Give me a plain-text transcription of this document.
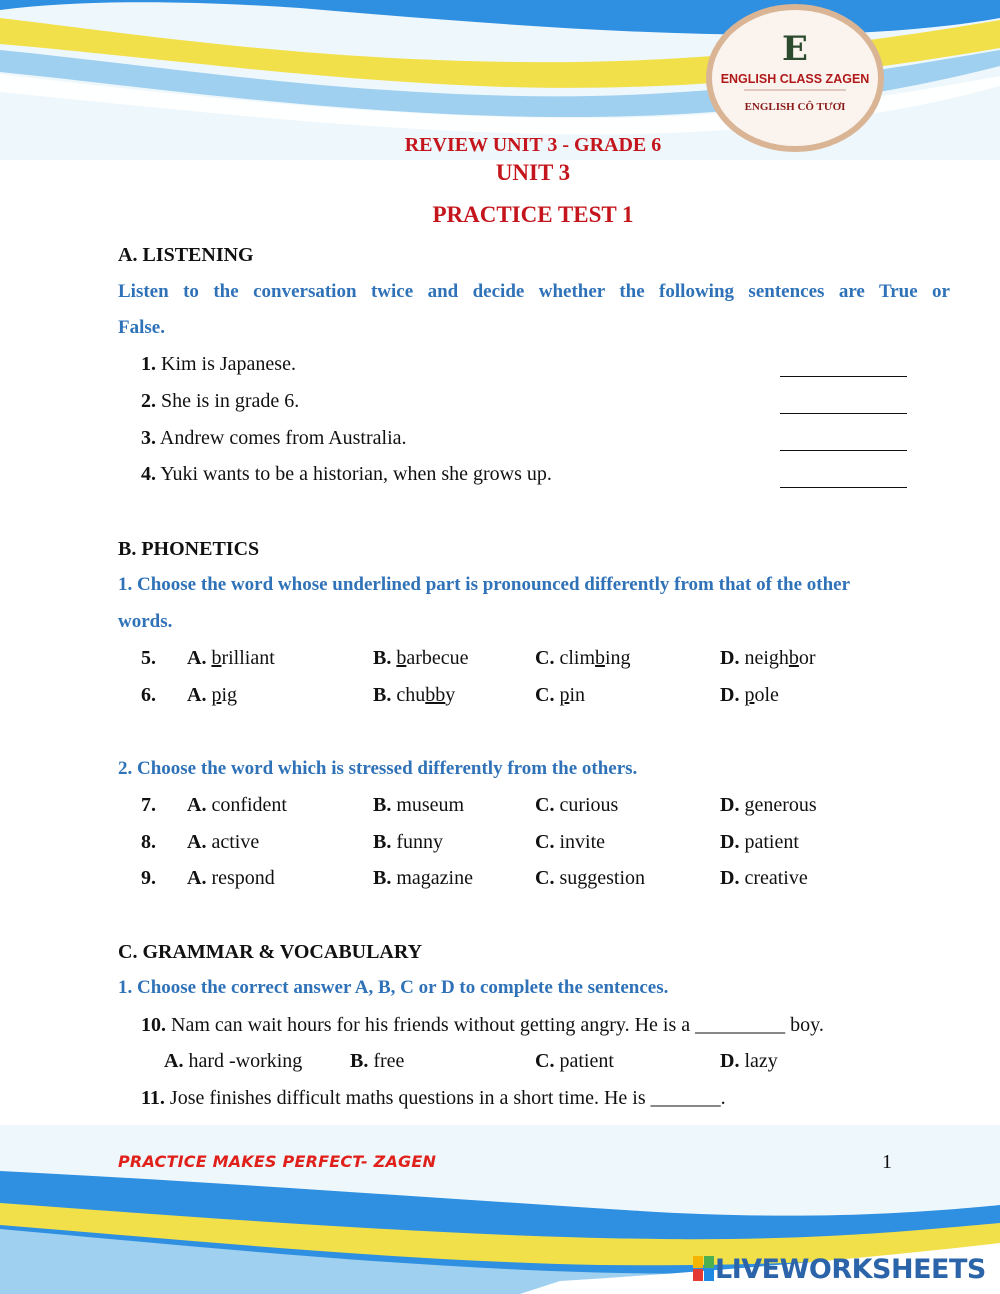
E
ENGLISH CLASS ZAGEN
ENGLISH CÔ TƯƠI
REVIEW UNIT 3 - GRADE 6
UNIT 3
PRACTICE TEST 1
A. LISTENING
Listen to the conversation twice and decide whether the following sentences are True or
False.
1. Kim is Japanese.
2. She is in grade 6.
3. Andrew comes from Australia.
4. Yuki wants to be a historian, when she grows up.
B. PHONETICS
1. Choose the word whose underlined part is pronounced differently from that of the other
words.
5. A. brilliant	B. barbecue	C. climbing	D. neighbor
6. A. pig	B. chubby	C. pin	D. pole
2. Choose the word which is stressed differently from the others.
7. A. confident	B. museum	C. curious	D. generous
8. A. active	B. funny	C. invite	D. patient
9. A. respond	B. magazine	C. suggestion	D. creative
C. GRAMMAR & VOCABULARY
1. Choose the correct answer A, B, C or D to complete the sentences.
10. Nam can wait hours for his friends without getting angry. He is a _________ boy.
A. hard -working B. free	C. patient	D. lazy
11. Jose finishes difficult maths questions in a short time. He is _______.
PRACTICE MAKES PERFECT- ZAGEN	1
LIVEWORKSHEETS
